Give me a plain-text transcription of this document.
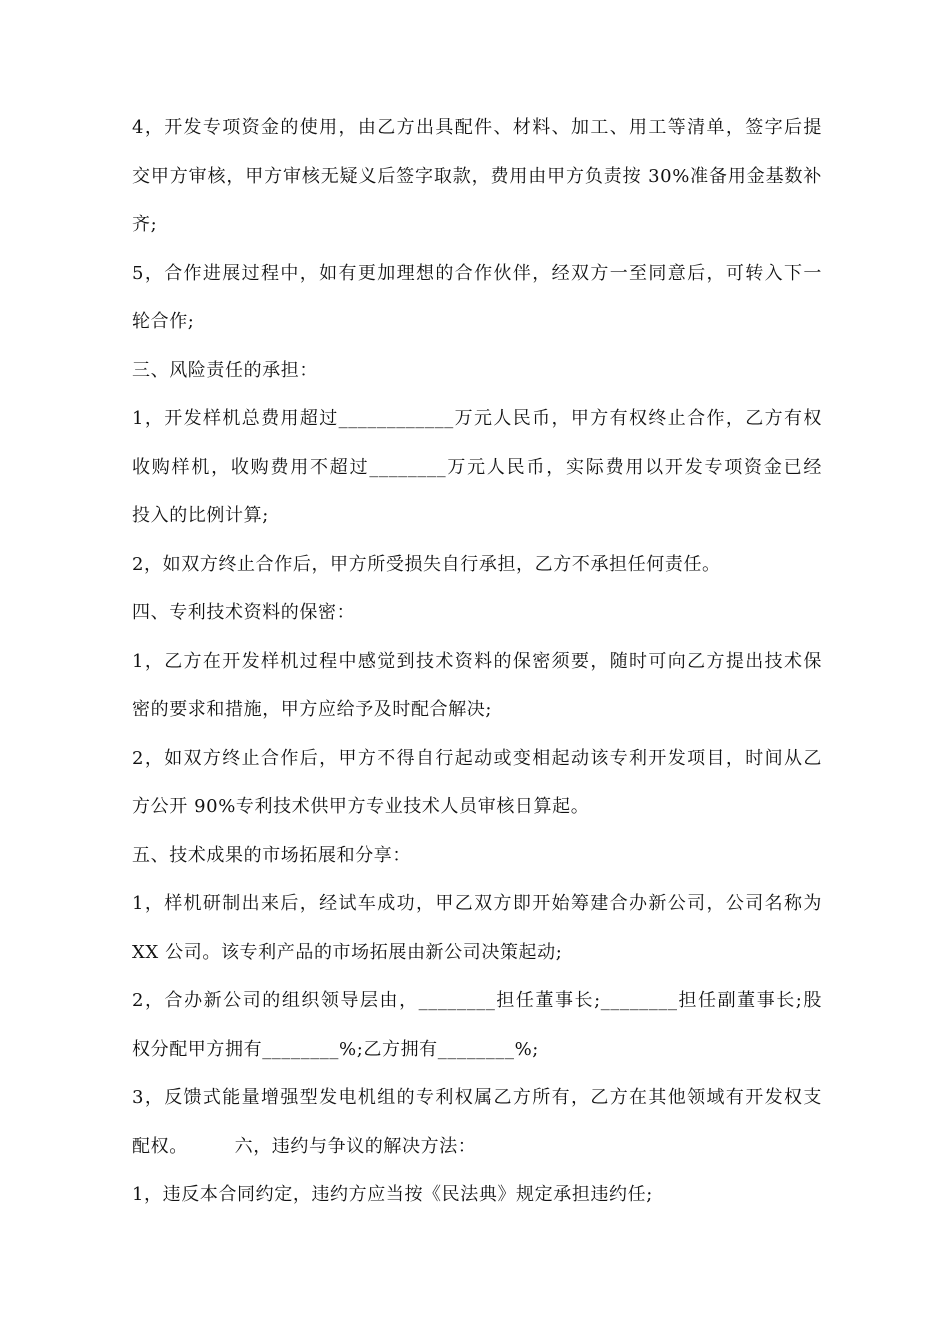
4，开发专项资金的使用，由乙方出具配件、材料、加工、用工等清单，签字后提
交甲方审核，甲方审核无疑义后签字取款，费用由甲方负责按 30%准备用金基数补
齐;
5，合作进展过程中，如有更加理想的合作伙伴，经双方一至同意后，可转入下一
轮合作;
三、风险责任的承担：
1，开发样机总费用超过____________万元人民币，甲方有权终止合作，乙方有权
收购样机，收购费用不超过________万元人民币，实际费用以开发专项资金已经
投入的比例计算;
2，如双方终止合作后，甲方所受损失自行承担，乙方不承担任何责任。
四、专利技术资料的保密：
1，乙方在开发样机过程中感觉到技术资料的保密须要，随时可向乙方提出技术保
密的要求和措施，甲方应给予及时配合解决;
2，如双方终止合作后，甲方不得自行起动或变相起动该专利开发项目，时间从乙
方公开 90%专利技术供甲方专业技术人员审核日算起。
五、技术成果的市场拓展和分享：
1，样机研制出来后，经试车成功，甲乙双方即开始筹建合办新公司，公司名称为
XX 公司。该专利产品的市场拓展由新公司决策起动;
2，合办新公司的组织领导层由，________担任董事长;________担任副董事长;股
权分配甲方拥有________%;乙方拥有________%;
3，反馈式能量增强型发电机组的专利权属乙方所有，乙方在其他领域有开发权支
配权。　　　六，违约与争议的解决方法：
1，违反本合同约定，违约方应当按《民法典》规定承担违约任;
